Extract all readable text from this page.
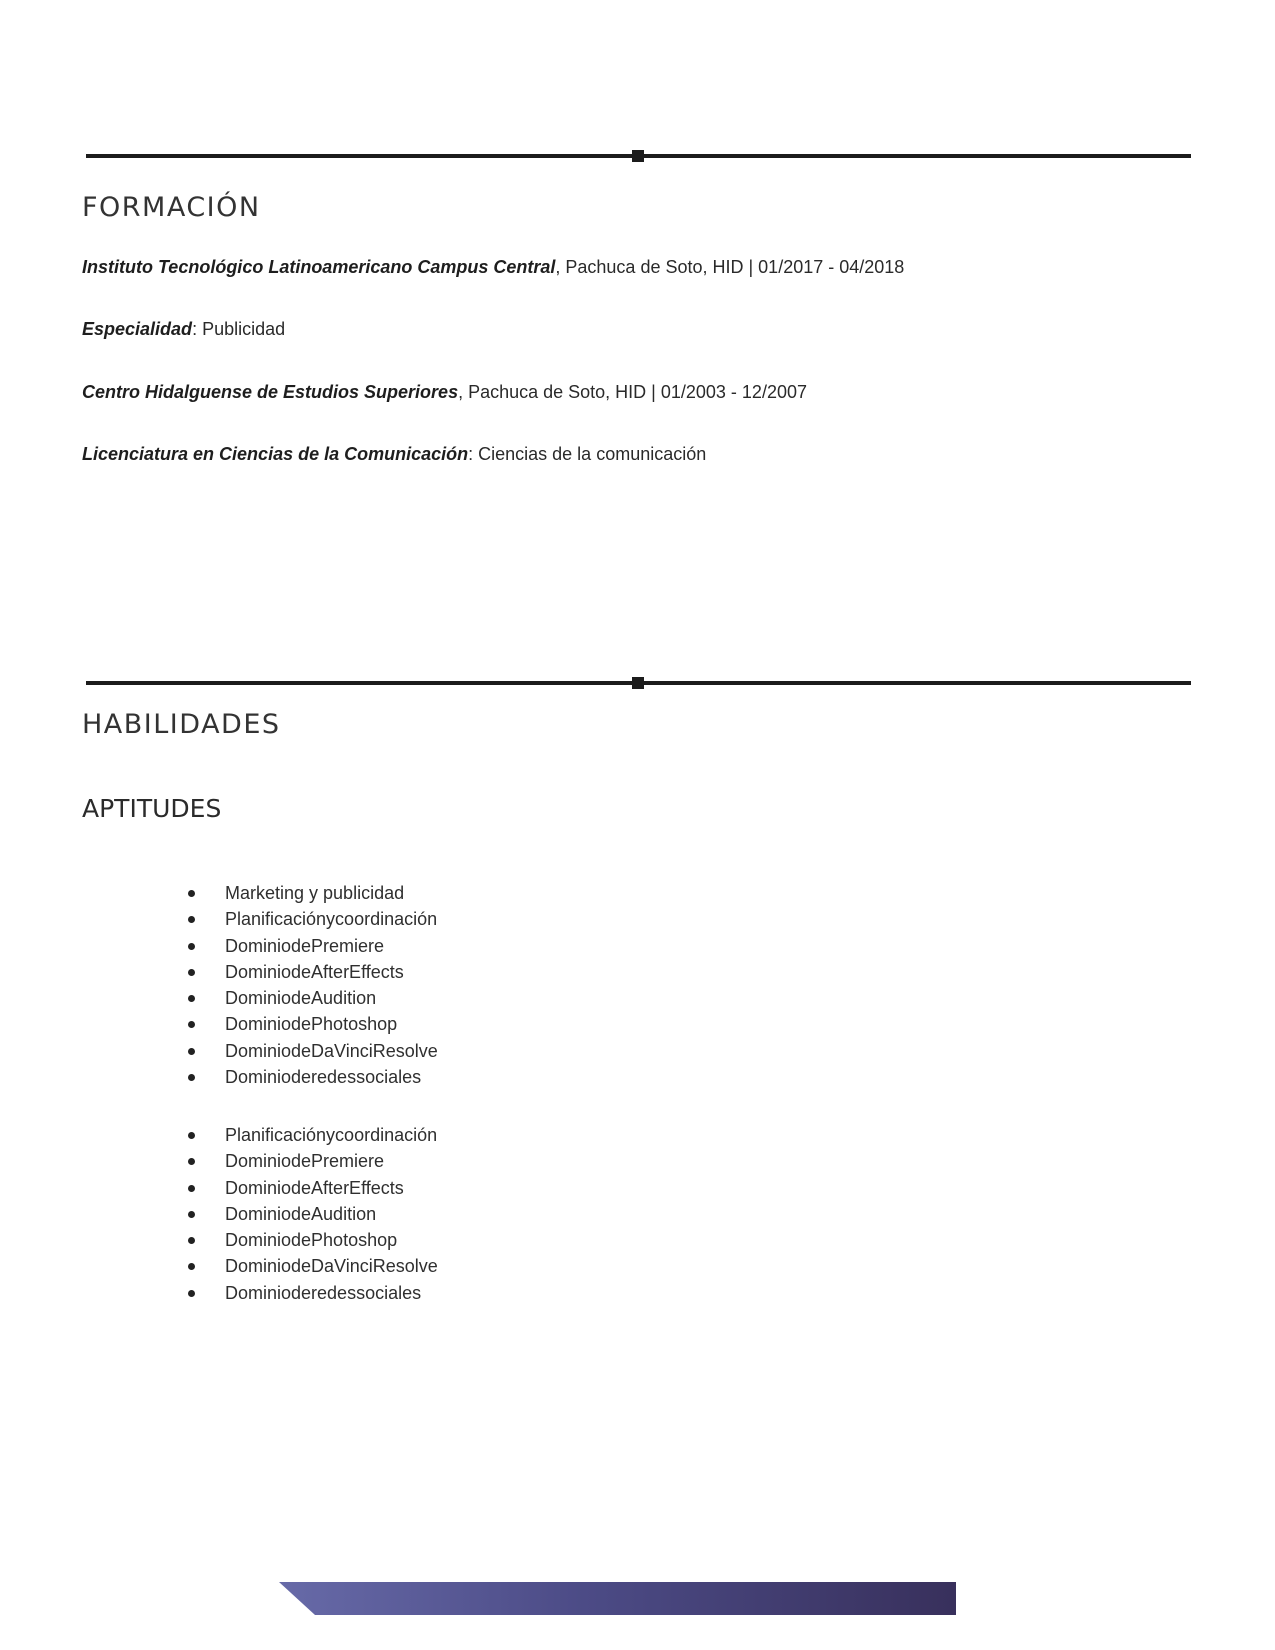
FORMACIÓN

Instituto Tecnológico Latinoamericano Campus Central, Pachuca de Soto, HID | 01/2017 - 04/2018

Especialidad: Publicidad

Centro Hidalguense de Estudios Superiores, Pachuca de Soto, HID | 01/2003 - 12/2007

Licenciatura en Ciencias de la Comunicación: Ciencias de la comunicación

HABILIDADES
APTITUDES
Marketing y publicidad
Planificaciónycoordinación
DominiodePremiere
DominiodeAfterEffects
DominiodeAudition
DominiodePhotoshop
DominiodeDaVinciResolve
Dominioderedessociales
Planificaciónycoordinación
DominiodePremiere
DominiodeAfterEffects
DominiodeAudition
DominiodePhotoshop
DominiodeDaVinciResolve
Dominioderedessociales
